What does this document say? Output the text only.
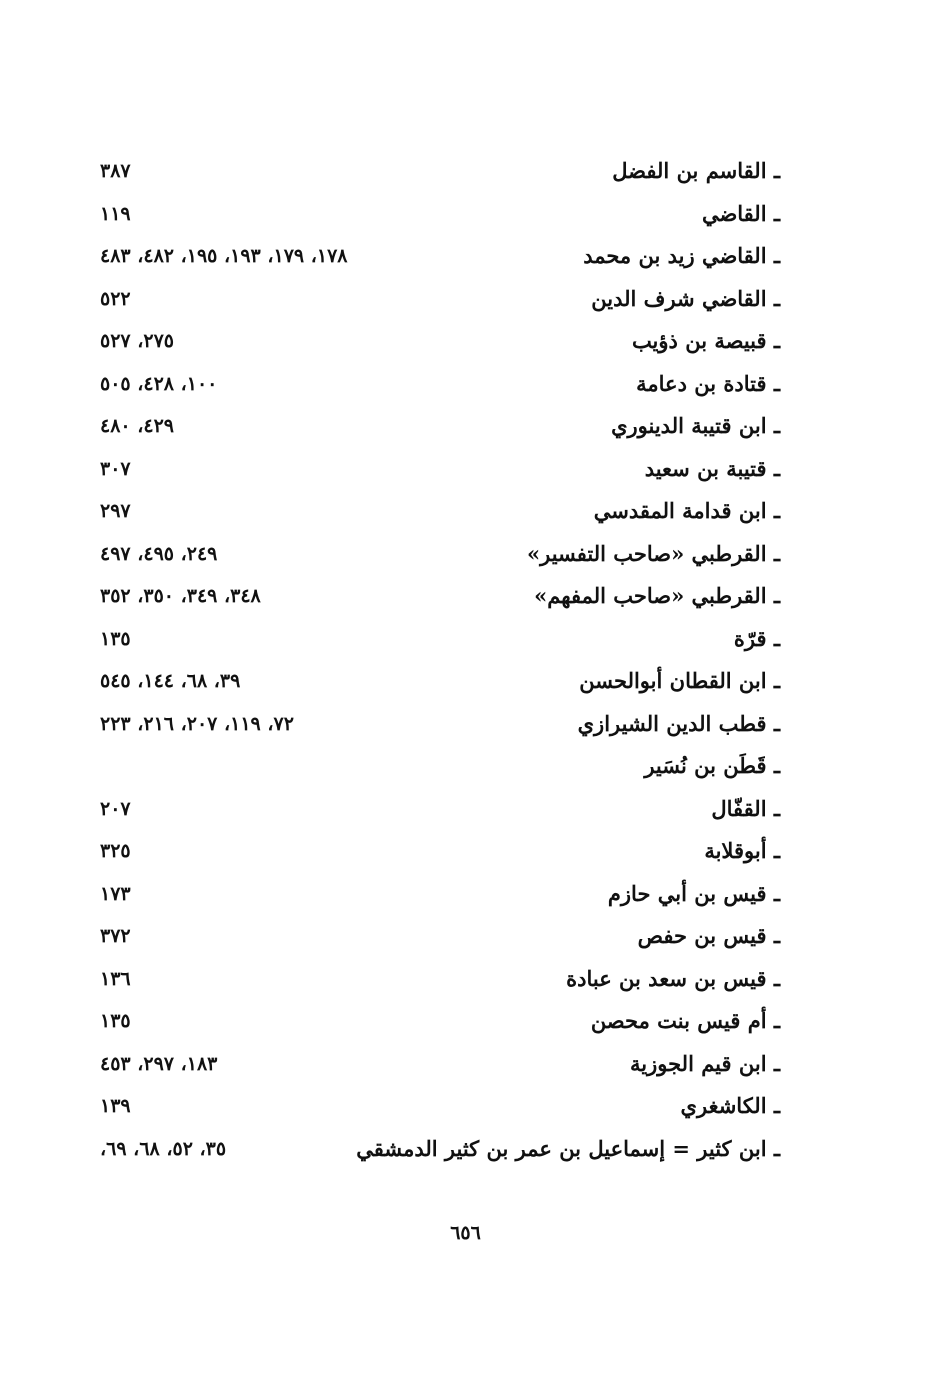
ـ القاسم بن الفضل
٣٨٧
ـ القاضي
١١٩
ـ القاضي زيد بن محمد
١٧٨، ١٧٩، ١٩٣، ١٩٥، ٤٨٢، ٤٨٣
ـ القاضي شرف الدين
٥٢٢
ـ قبيصة بن ذؤيب
٢٧٥، ٥٢٧
ـ قتادة بن دعامة
١٠٠، ٤٢٨، ٥٠٥
ـ ابن قتيبة الدينوري
٤٢٩، ٤٨٠
ـ قتيبة بن سعيد
٣٠٧
ـ ابن قدامة المقدسي
٢٩٧
ـ القرطبي «صاحب التفسير»
٢٤٩، ٤٩٥، ٤٩٧
ـ القرطبي «صاحب المفهم»
٣٤٨، ٣٤٩، ٣٥٠، ٣٥٢
ـ قرّة
١٣٥
ـ ابن القطان أبوالحسن
٣٩، ٦٨، ١٤٤، ٥٤٥
ـ قطب الدين الشيرازي
٧٢، ١١٩، ٢٠٧، ٢١٦، ٢٢٣
ـ قَطَن بن نُسَير
ـ القفّال
٢٠٧
ـ أبوقلابة
٣٢٥
ـ قيس بن أبي حازم
١٧٣
ـ قيس بن حفص
٣٧٢
ـ قيس بن سعد بن عبادة
١٣٦
ـ أم قيس بنت محصن
١٣٥
ـ ابن قيم الجوزية
١٨٣، ٢٩٧، ٤٥٣
ـ الكاشغري
١٣٩
ـ ابن كثير = إسماعيل بن عمر بن كثير الدمشقي
٣٥، ٥٢، ٦٨، ٦٩،
٦٥٦
